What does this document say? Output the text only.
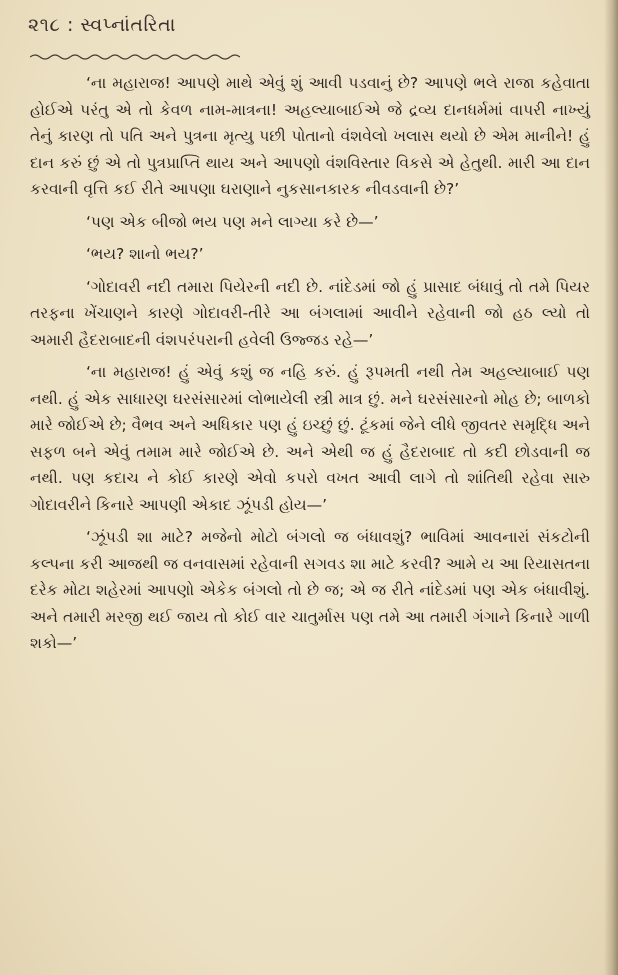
૨૧૮ : સ્વપ્નાંતરિતા

‘ના મહારાજ! આપણે માથે એવું શું આવી પડવાનું છે? આપણે ભલે રાજા કહેવાતા હોઈએ પરંતુ એ તો કેવળ નામ-માત્રના! અહલ્યાબાઈએ જે દ્રવ્ય દાનધર્મમાં વાપરી નાખ્યું તેનું કારણ તો પતિ અને પુત્રના મૃત્યુ પછી પોતાનો વંશવેલો ખલાસ થયો છે એમ માનીને! હું દાન કરું છું એ તો પુત્રપ્રાપ્તિ થાય અને આપણો વંશવિસ્તાર વિકસે એ હેતુથી. મારી આ દાન કરવાની વૃત્તિ કઈ રીતે આપણા ઘરાણાને નુકસાનકારક નીવડવાની છે?’

‘પણ એક બીજો ભય પણ મને લાગ્યા કરે છે—’

‘ભય? શાનો ભય?’

‘ગોદાવરી નદી તમારા પિયેરની નદી છે. નાંદેડમાં જો હું પ્રાસાદ બંધાવું તો તમે પિયર તરફના ખેંચાણને કારણે ગોદાવરી-તીરે આ બંગલામાં આવીને રહેવાની જો હઠ લ્યો તો અમારી હૈદરાબાદની વંશપરંપરાની હવેલી ઉજ્જડ રહે—’

‘ના મહારાજ! હું એવું કશું જ નહિ કરું. હું રૂપમતી નથી તેમ અહલ્યાબાઈ પણ નથી. હું એક સાધારણ ઘરસંસારમાં લોભાયેલી સ્ત્રી માત્ર છું. મને ઘરસંસારનો મોહ છે; બાળકો મારે જોઈએ છે; વૈભવ અને અધિકાર પણ હું ઇચ્છું છું. ટૂંકમાં જેને લીધે જીવતર સમૃદ્ધિ અને સફળ બને એવું તમામ મારે જોઈએ છે. અને એથી જ હું હૈદરાબાદ તો કદી છોડવાની જ નથી. પણ કદાચ ને કોઈ કારણે એવો કપરો વખત આવી લાગે તો શાંતિથી રહેવા સારુ ગોદાવરીને કિનારે આપણી એકાદ ઝૂંપડી હોય—’

‘ઝૂંપડી શા માટે? મજેનો મોટો બંગલો જ બંધાવશું? ભાવિમાં આવનારાં સંકટોની કલ્પના કરી આજથી જ વનવાસમાં રહેવાની સગવડ શા માટે કરવી? આમે ય આ રિયાસતના દરેક મોટા શહેરમાં આપણો એકેક બંગલો તો છે જ; એ જ રીતે નાંદેડમાં પણ એક બંધાવીશું. અને તમારી મરજી થઈ જાય તો કોઈ વાર ચાતુર્માસ પણ તમે આ તમારી ગંગાને કિનારે ગાળી શકો—’
